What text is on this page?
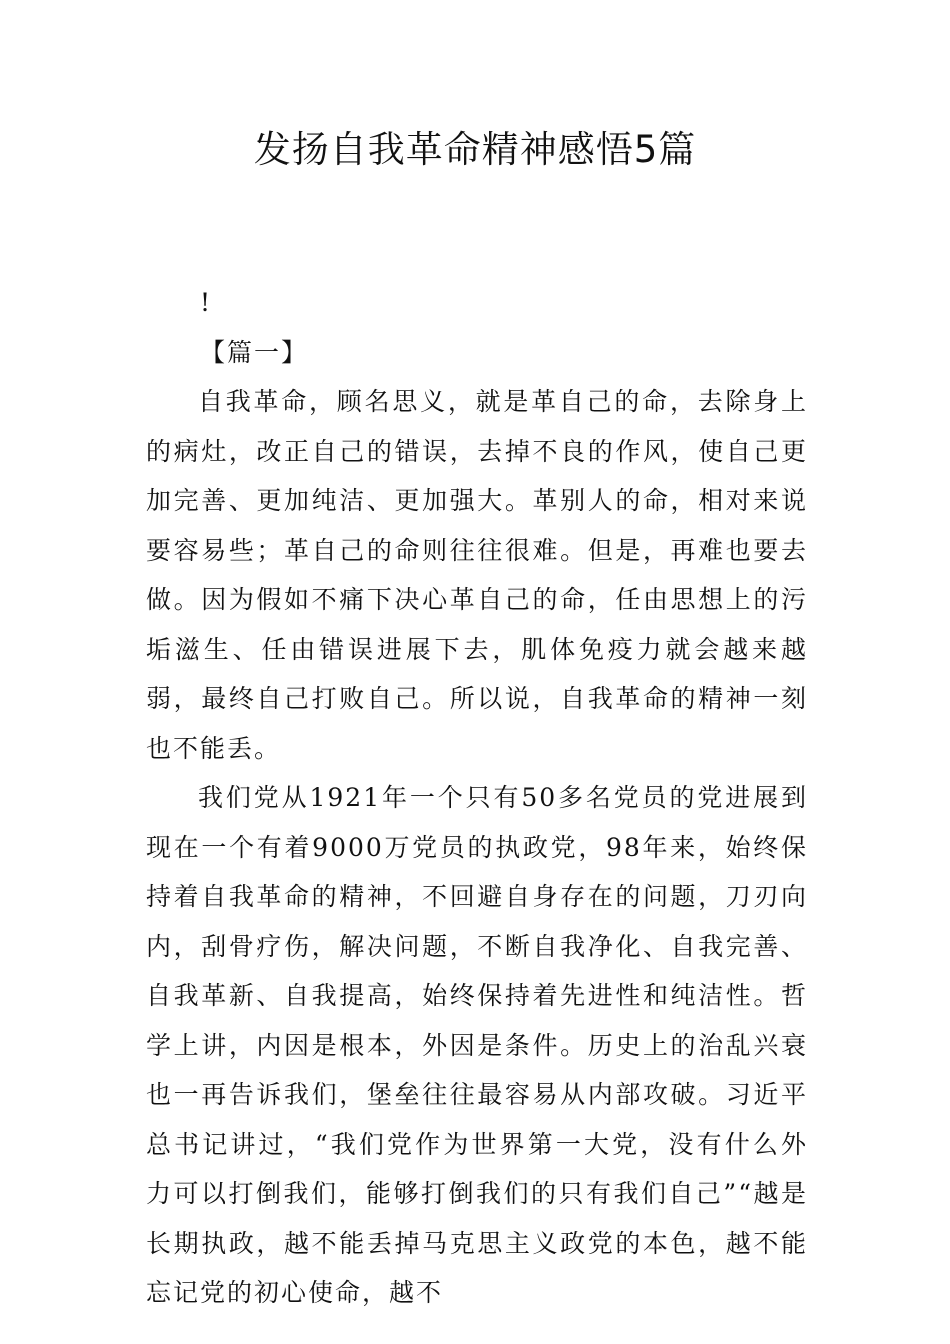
发扬自我革命精神感悟5篇

!

【篇一】

自我革命，顾名思义，就是革自己的命，去除身上的病灶，改正自己的错误，去掉不良的作风，使自己更加完善、更加纯洁、更加强大。革别人的命，相对来说要容易些；革自己的命则往往很难。但是，再难也要去做。因为假如不痛下决心革自己的命，任由思想上的污垢滋生、任由错误进展下去，肌体免疫力就会越来越弱，最终自己打败自己。所以说，自我革命的精神一刻也不能丢。

我们党从1921年一个只有50多名党员的党进展到现在一个有着9000万党员的执政党，98年来，始终保持着自我革命的精神，不回避自身存在的问题，刀刃向内，刮骨疗伤，解决问题，不断自我净化、自我完善、自我革新、自我提高，始终保持着先进性和纯洁性。哲学上讲，内因是根本，外因是条件。历史上的治乱兴衰也一再告诉我们，堡垒往往最容易从内部攻破。习近平总书记讲过，“我们党作为世界第一大党，没有什么外力可以打倒我们，能够打倒我们的只有我们自己”“越是长期执政，越不能丢掉马克思主义政党的本色，越不能忘记党的初心使命，越不
